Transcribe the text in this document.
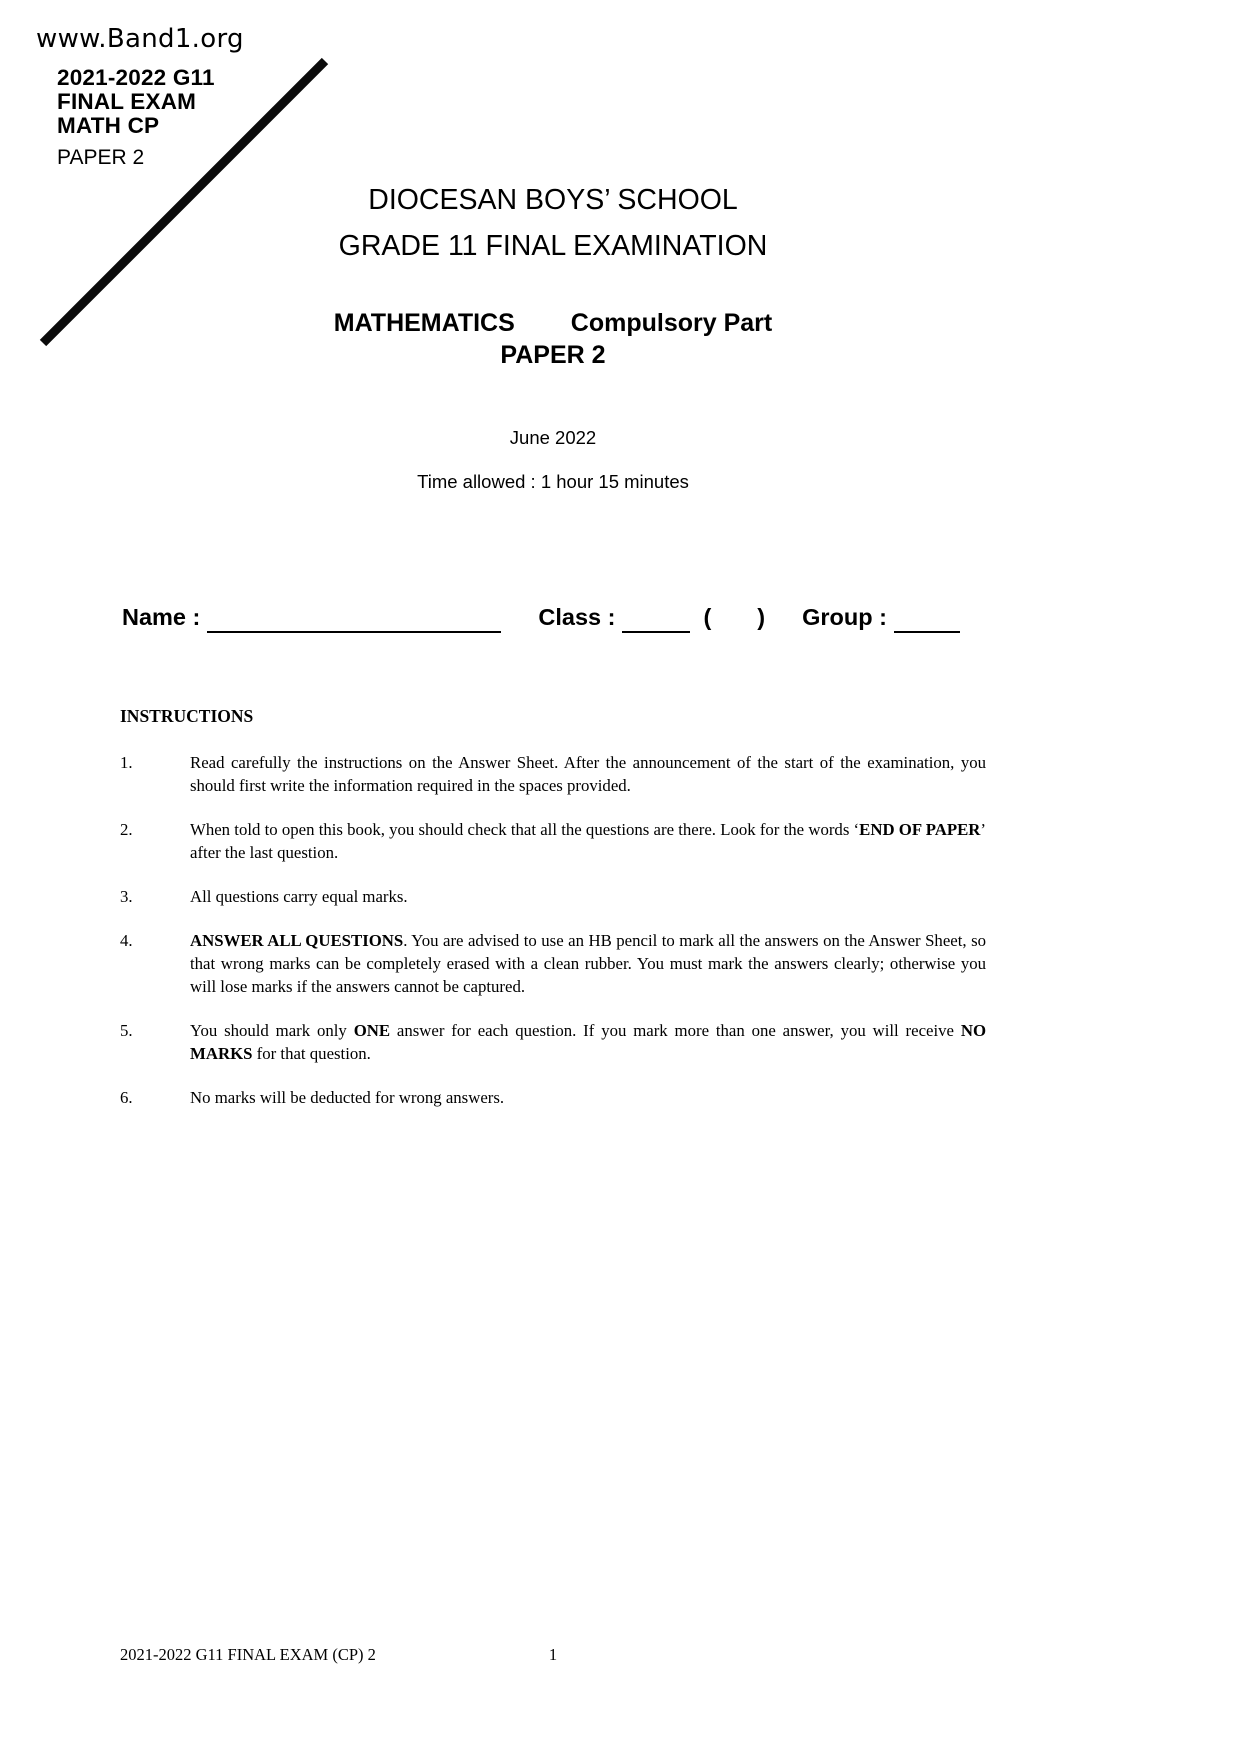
www.Band1.org
2021-2022 G11
FINAL EXAM
MATH CP
PAPER 2
DIOCESAN BOYS’ SCHOOL
GRADE 11 FINAL EXAMINATION
MATHEMATICS Compulsory Part
PAPER 2
June 2022
Time allowed : 1 hour 15 minutes
Name :	Class :	( ) Group :
INSTRUCTIONS
1.	Read carefully the instructions on the Answer Sheet. After the announcement of the start of the examination, you should first write the information required in the spaces provided.
2.	When told to open this book, you should check that all the questions are there. Look for the words ‘END OF PAPER’ after the last question.
3.	All questions carry equal marks.
4.	ANSWER ALL QUESTIONS. You are advised to use an HB pencil to mark all the answers on the Answer Sheet, so that wrong marks can be completely erased with a clean rubber. You must mark the answers clearly; otherwise you will lose marks if the answers cannot be captured.
5.	You should mark only ONE answer for each question. If you mark more than one answer, you will receive NO MARKS for that question.
6.	No marks will be deducted for wrong answers.
2021-2022 G11 FINAL EXAM (CP) 2	1
